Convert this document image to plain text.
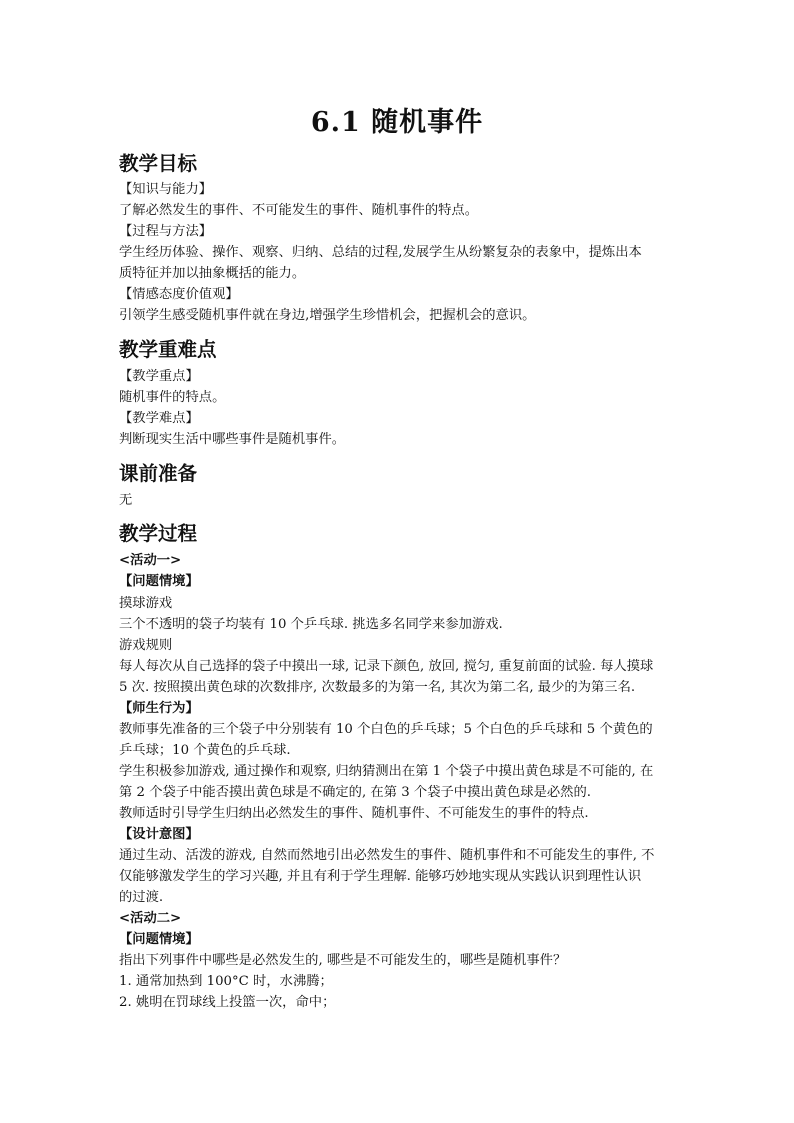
6.1 随机事件
教学目标
【知识与能力】
了解必然发生的事件、不可能发生的事件、随机事件的特点。
【过程与方法】
学生经历体验、操作、观察、归纳、总结的过程,发展学生从纷繁复杂的表象中，提炼出本
质特征并加以抽象概括的能力。
【情感态度价值观】
引领学生感受随机事件就在身边,增强学生珍惜机会，把握机会的意识。
教学重难点
【教学重点】
随机事件的特点。
【教学难点】
判断现实生活中哪些事件是随机事件。
课前准备
无
教学过程
<活动一>
【问题情境】
摸球游戏
三个不透明的袋子均装有 10 个乒乓球. 挑选多名同学来参加游戏.
游戏规则
每人每次从自己选择的袋子中摸出一球, 记录下颜色, 放回, 搅匀, 重复前面的试验. 每人摸球
5 次. 按照摸出黄色球的次数排序, 次数最多的为第一名, 其次为第二名, 最少的为第三名.
【师生行为】
教师事先准备的三个袋子中分别装有 10 个白色的乒乓球；5 个白色的乒乓球和 5 个黄色的
乒乓球；10 个黄色的乒乓球.
学生积极参加游戏, 通过操作和观察, 归纳猜测出在第 1 个袋子中摸出黄色球是不可能的, 在
第 2 个袋子中能否摸出黄色球是不确定的, 在第 3 个袋子中摸出黄色球是必然的.
教师适时引导学生归纳出必然发生的事件、随机事件、不可能发生的事件的特点.
【设计意图】
通过生动、活泼的游戏, 自然而然地引出必然发生的事件、随机事件和不可能发生的事件, 不
仅能够激发学生的学习兴趣, 并且有利于学生理解. 能够巧妙地实现从实践认识到理性认识
的过渡.
<活动二>
【问题情境】
指出下列事件中哪些是必然发生的, 哪些是不可能发生的，哪些是随机事件？
1. 通常加热到 100°C 时，水沸腾；
2. 姚明在罚球线上投篮一次，命中；
